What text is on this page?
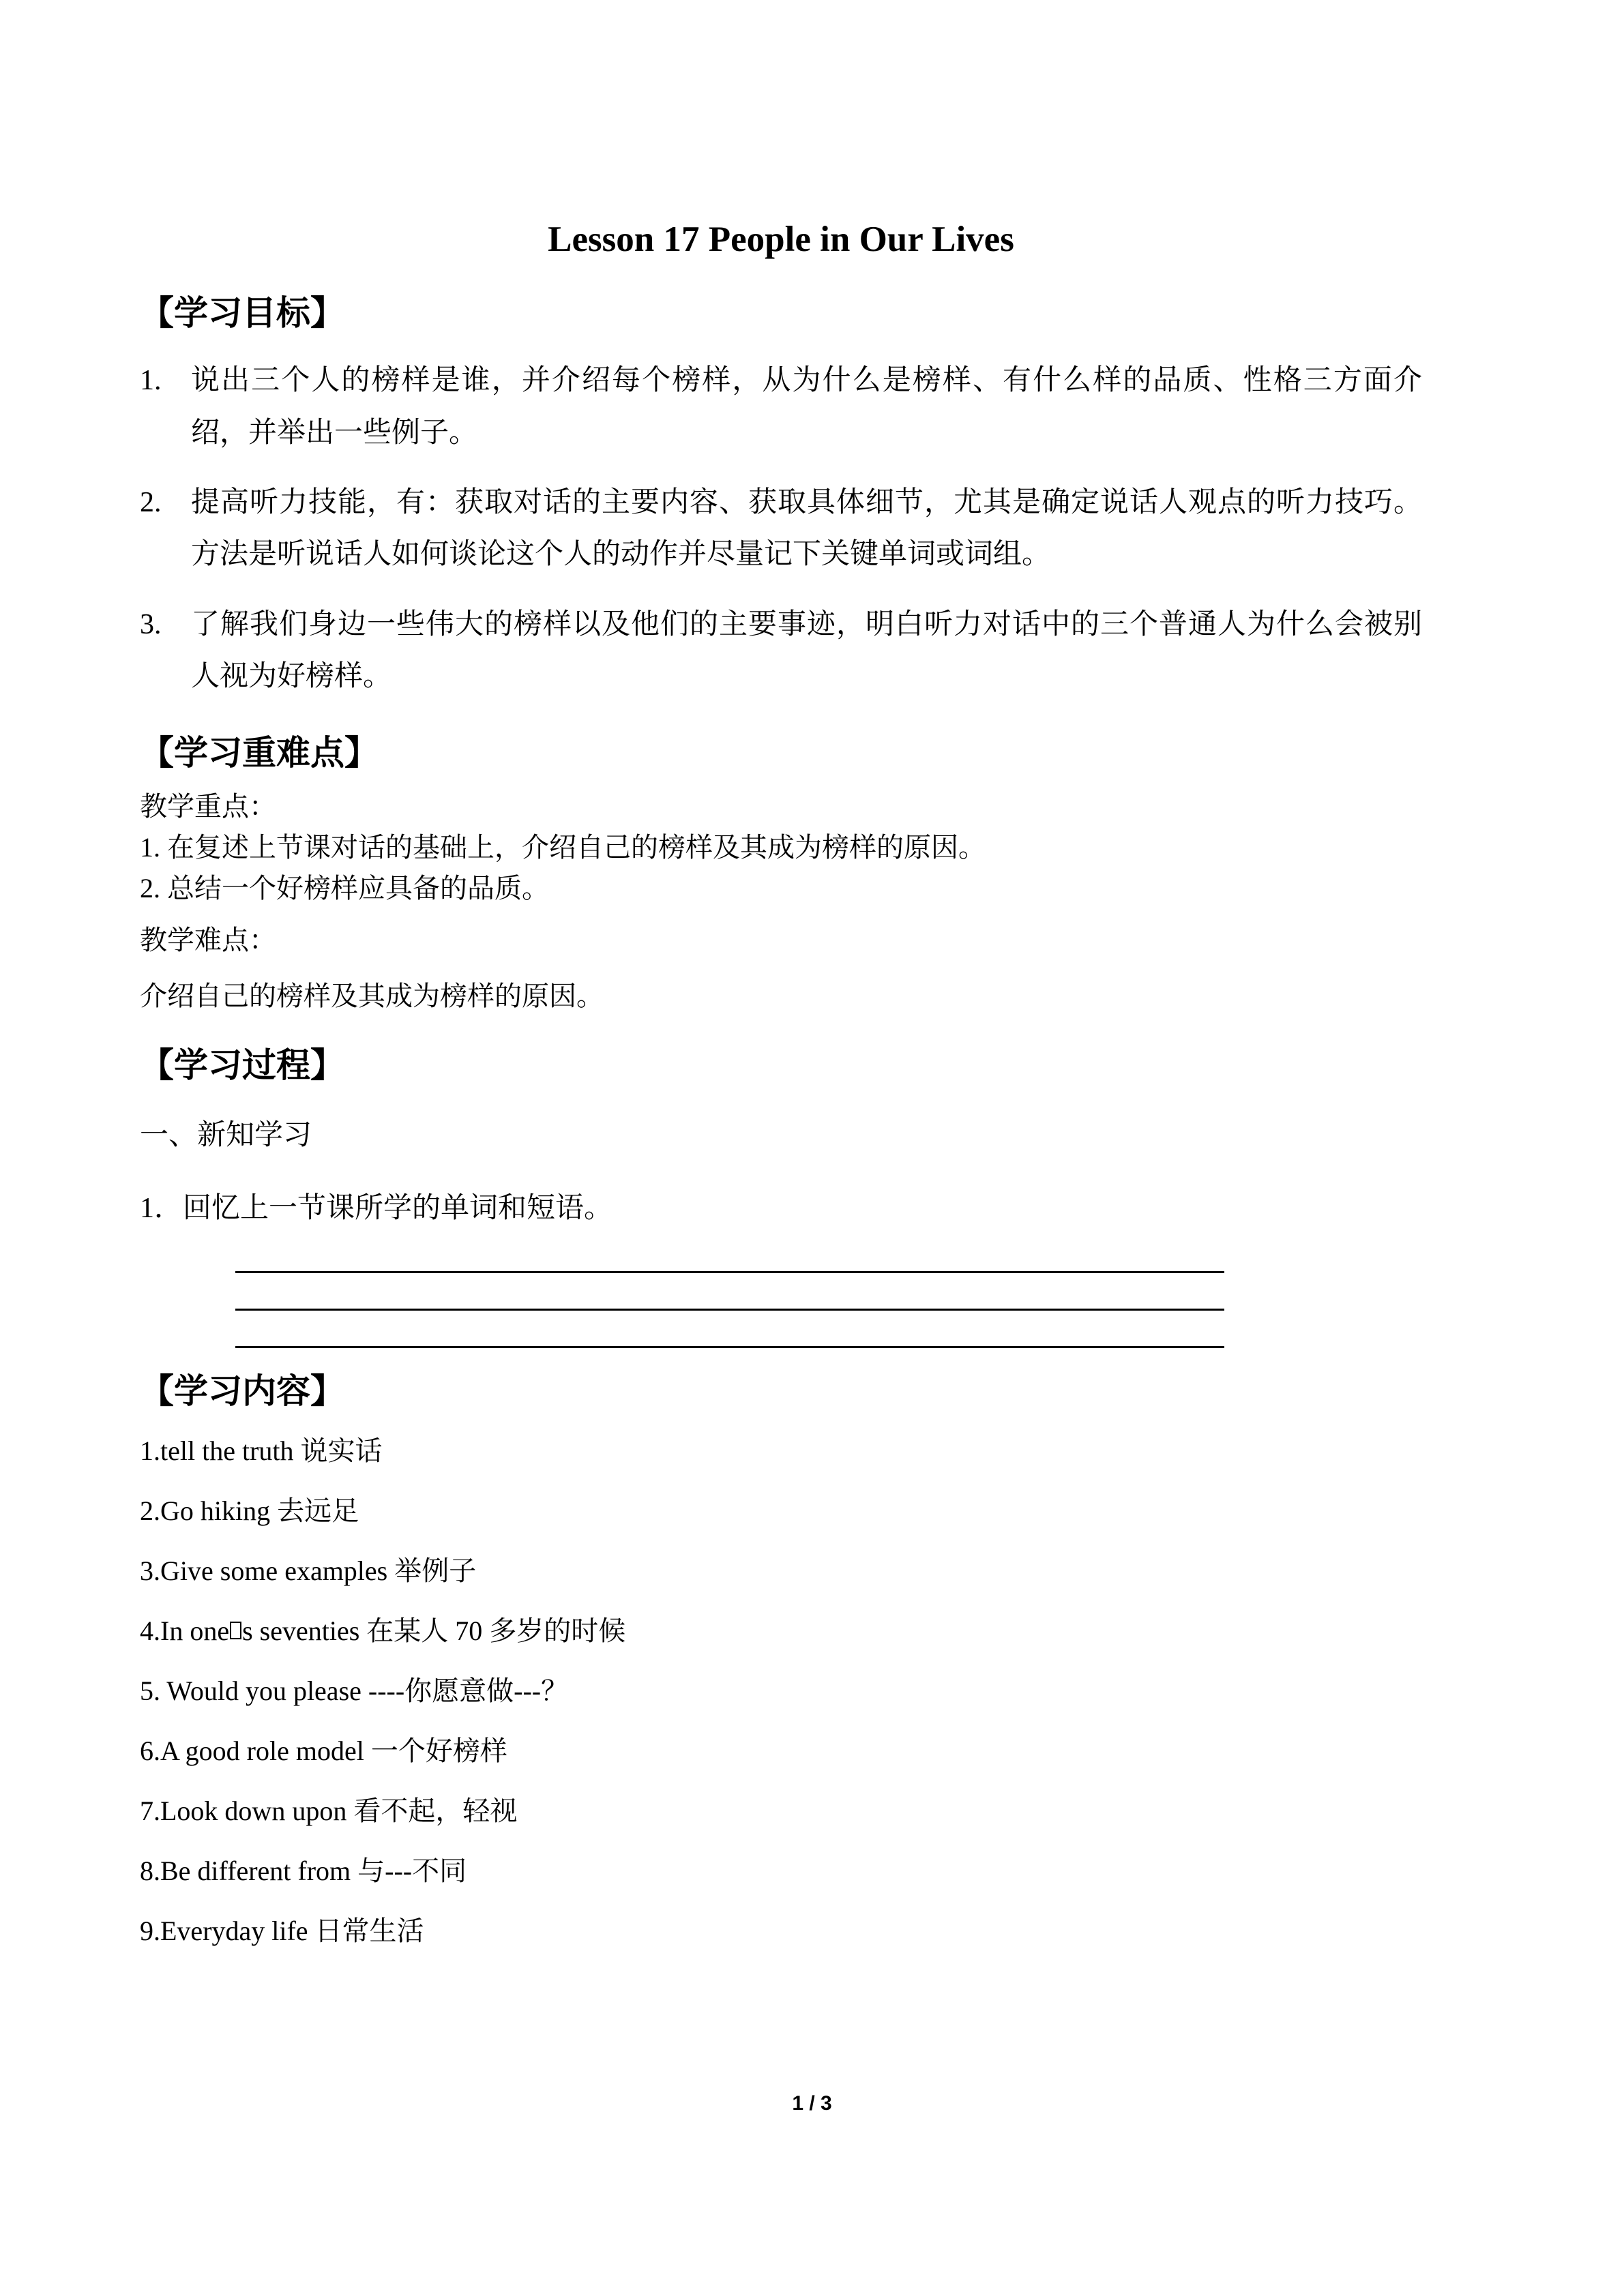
Lesson 17 People in Our Lives
【学习目标】
1.	说出三个人的榜样是谁，并介绍每个榜样，从为什么是榜样、有什么样的品质、性格三方面介绍，并举出一些例子。
2.	提高听力技能，有：获取对话的主要内容、获取具体细节，尤其是确定说话人观点的听力技巧。方法是听说话人如何谈论这个人的动作并尽量记下关键单词或词组。
3.	了解我们身边一些伟大的榜样以及他们的主要事迹，明白听力对话中的三个普通人为什么会被别人视为好榜样。
【学习重难点】

教学重点：

1. 在复述上节课对话的基础上，介绍自己的榜样及其成为榜样的原因。

2. 总结一个好榜样应具备的品质。

教学难点：

介绍自己的榜样及其成为榜样的原因。
【学习过程】
一、新知学习
1．回忆上一节课所学的单词和短语。
【学习内容】
1.tell the truth 说实话
2.Go hiking 去远足
3.Give some examples 举例子
4.In one s seventies 在某人 70 多岁的时候
5. Would you please ----你愿意做---？
6.A good role model 一个好榜样
7.Look down upon 看不起，轻视
8.Be different from 与---不同
9.Everyday life 日常生活
1 / 3
